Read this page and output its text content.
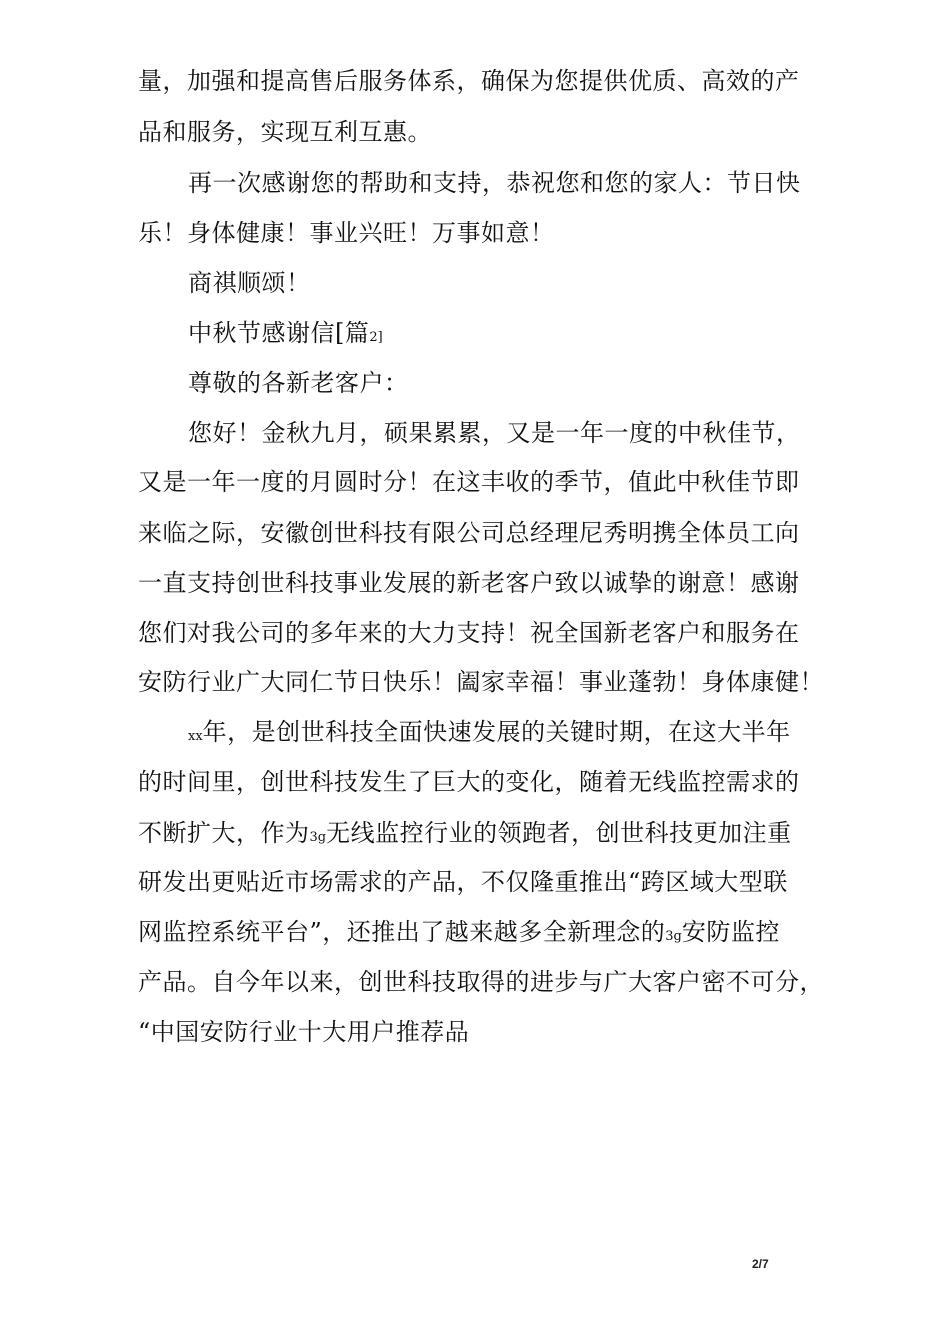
量，加强和提高售后服务体系，确保为您提供优质、高效的产
品和服务，实现互利互惠。
再一次感谢您的帮助和支持，恭祝您和您的家人：节日快
乐！身体健康！事业兴旺！万事如意！
商祺顺颂！
中秋节感谢信[篇2]
尊敬的各新老客户：
您好！金秋九月，硕果累累，又是一年一度的中秋佳节，
又是一年一度的月圆时分！在这丰收的季节，值此中秋佳节即
来临之际，安徽创世科技有限公司总经理尼秀明携全体员工向
一直支持创世科技事业发展的新老客户致以诚挚的谢意！感谢
您们对我公司的多年来的大力支持！祝全国新老客户和服务在
安防行业广大同仁节日快乐！阖家幸福！事业蓬勃！身体康健！
xx年，是创世科技全面快速发展的关键时期，在这大半年
的时间里，创世科技发生了巨大的变化，随着无线监控需求的
不断扩大，作为3g无线监控行业的领跑者，创世科技更加注重
研发出更贴近市场需求的产品，不仅隆重推出“跨区域大型联
网监控系统平台”，还推出了越来越多全新理念的3g安防监控
产品。自今年以来，创世科技取得的进步与广大客户密不可分，
“中国安防行业十大用户推荐品
2/7
